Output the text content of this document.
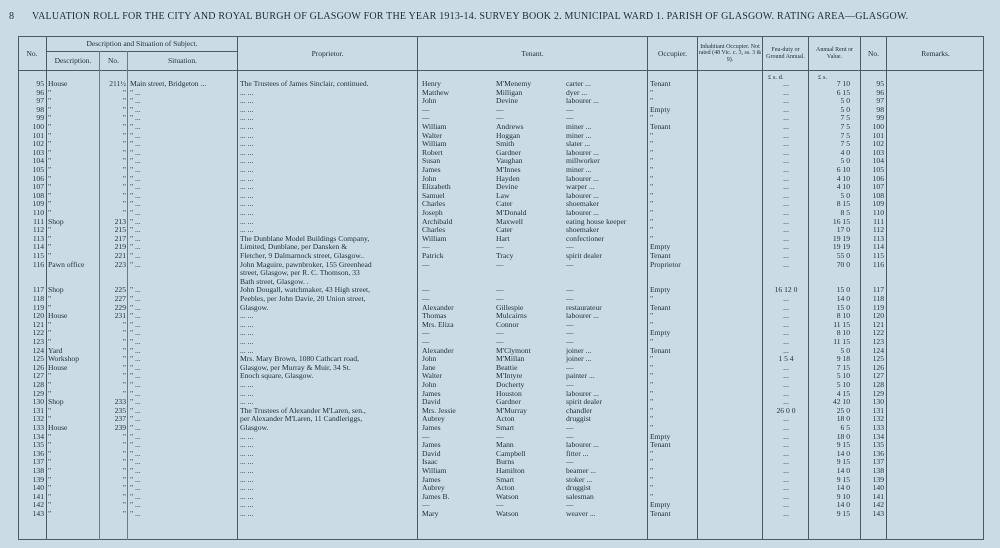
8 VALUATION ROLL FOR THE CITY AND ROYAL BURGH OF GLASGOW FOR THE YEAR 1913-14. SURVEY BOOK 2. MUNICIPAL WARD 1. PARISH OF GLASGOW. RATING AREA—GLASGOW.
No.
Description and Situation of Subject.
Description.	No.	Situation.
Proprietor.	Tenant.	Occupier.
Inhabitant Occupier. Not rated (48 Vic. c. 3, ss. 3 & 9).
Feu-duty or Ground Annual.
Annual Rent or Value.	No.	Remarks.
£ s. d.	£ s.
95 House	211½ Main street, Bridgeton ...	The Trustees of James Sinclair, continued.	Henry	M'Menemy	carter ...	Tenant	...	7 10	95
96 "	" " ...	... ...	Matthew	Milligan	dyer ...	"	...	6 15	96
97 "	" " ...	... ...	John	Devine	labourer ...	"	...	5 0	97
98 "	" " ...	... ...	—	—	—	Empty	...	5 0	98
99 "	" " ...	... ...	—	—	—	"	...	7 5	99
100 "	" " ...	... ...	William	Andrews	miner ...	Tenant	...	7 5	100
101 "	" " ...	... ...	Walter	Hoggan	miner ...	"	...	7 5	101
102 "	" " ...	... ...	William	Smith	slater ...	"	...	7 5	102
103 "	" " ...	... ...	Robert	Gardner	labourer ...	"	...	4 0	103
104 "	" " ...	... ...	Susan	Vaughan	millworker	"	...	5 0	104
105 "	" " ...	... ...	James	M'Innes	miner ...	"	...	6 10	105
106 "	" " ...	... ...	John	Hayden	labourer ...	"	...	4 10	106
107 "	" " ...	... ...	Elizabeth	Devine	warper ...	"	...	4 10	107
108 "	" " ...	... ...	Samuel	Law	labourer ...	"	...	5 0	108
109 "	" " ...	... ...	Charles	Cater	shoemaker	"	...	8 15	109
110 "	" " ...	... ...	Joseph	M'Donald	labourer ...	"	...	8 5	110
111 Shop	213 " ...	... ...	Archibald	Maxwell	eating house keeper	"	...	16 15	111
112 "	215 " ...	... ...	Charles	Cater	shoemaker	"	...	17 0	112
113 "	217 " ...	The Dunblane Model Buildings Company,	William	Hart	confectioner	"	...	19 19	113
114 "	219 " ...	Limited, Dunblane, per Dansken &	—	—	—	Empty	...	19 19	114
115 "	221 " ...	Fletcher, 9 Dalmarnock street, Glasgow..	Patrick	Tracy	spirit dealer	Tenant	...	55 0	115
116 Pawn office	223 " ...	John Maguire, pawnbroker, 155 Greenhead	—	—	—	Proprietor	...	70 0	116
street, Glasgow, per R. C. Thomson, 33
Bath street, Glasgow. .
117 Shop	225 " ...	John Dougall, watchmaker, 43 High street,	—	—	—	Empty	16 12 0	15 0	117
118 "	227 " ...	Peebles, per John Davie, 20 Union street,	—	—	—	"	...	14 0	118
119 "	229 " ...	Glasgow.	Alexander	Gillespie	restaurateur	Tenant	...	15 0	119
120 House	231 " ...	... ...	Thomas	Mulcairns	labourer ...	"	...	8 10	120
121 "	" " ...	... ...	Mrs. Eliza	Connor	—	"	...	11 15	121
122 "	" " ...	... ...	—	—	—	Empty	...	8 10	122
123 "	" " ...	... ...	—	—	—	"	...	11 15	123
124 Yard	" " ...	... ...	Alexander	M'Clymont	joiner ...	Tenant	...	5 0	124
125 Workshop	" " ...	Mrs. Mary Brown, 1080 Cathcart road,	John	M'Millan	joiner ...	"	1 5 4	9 18	125
126 House	" " ...	Glasgow, per Murray & Muir, 34 St.	Jane	Beattie	—	"	...	7 15	126
127 "	" " ...	Enoch square, Glasgow.	Walter	M'Intyre	painter ...	"	...	5 10	127
128 "	" " ...	... ...	John	Docherty	—	"	...	5 10	128
129 "	" " ...	... ...	James	Houston	labourer ...	"	...	4 15	129
130 Shop	233 " ...	... ...	David	Gardner	spirit dealer	"	...	42 10	130
131 "	235 " ...	The Trustees of Alexander M'Laren, sen.,	Mrs. Jessie	M'Murray	chandler	"	26 0 0	25 0	131
132 "	237 " ...	per Alexander M'Laren, 11 Candleriggs,	Aubrey	Acton	druggist	"	...	18 0	132
133 House	239 " ...	Glasgow.	James	Smart	—	"	...	6 5	133
134 "	" " ...	... ...	—	—	—	Empty	...	18 0	134
135 "	" " ...	... ...	James	Mann	labourer ...	Tenant	...	9 15	135
136 "	" " ...	... ...	David	Campbell	fitter ...	"	...	14 0	136
137 "	" " ...	... ...	Isaac	Burns	—	"	...	9 15	137
138 "	" " ...	... ...	William	Hamilton	beamer ...	"	...	14 0	138
139 "	" " ...	... ...	James	Smart	stoker ...	"	...	9 15	139
140 "	" " ...	... ...	Aubrey	Acton	druggist	"	...	14 0	140
141 "	" " ...	... ...	James B.	Watson	salesman	"	...	9 10	141
142 "	" " ...	... ...	—	—	—	Empty	...	14 0	142
143 "	" " ...	... ...	Mary	Watson	weaver ...	Tenant	...	9 15	143
